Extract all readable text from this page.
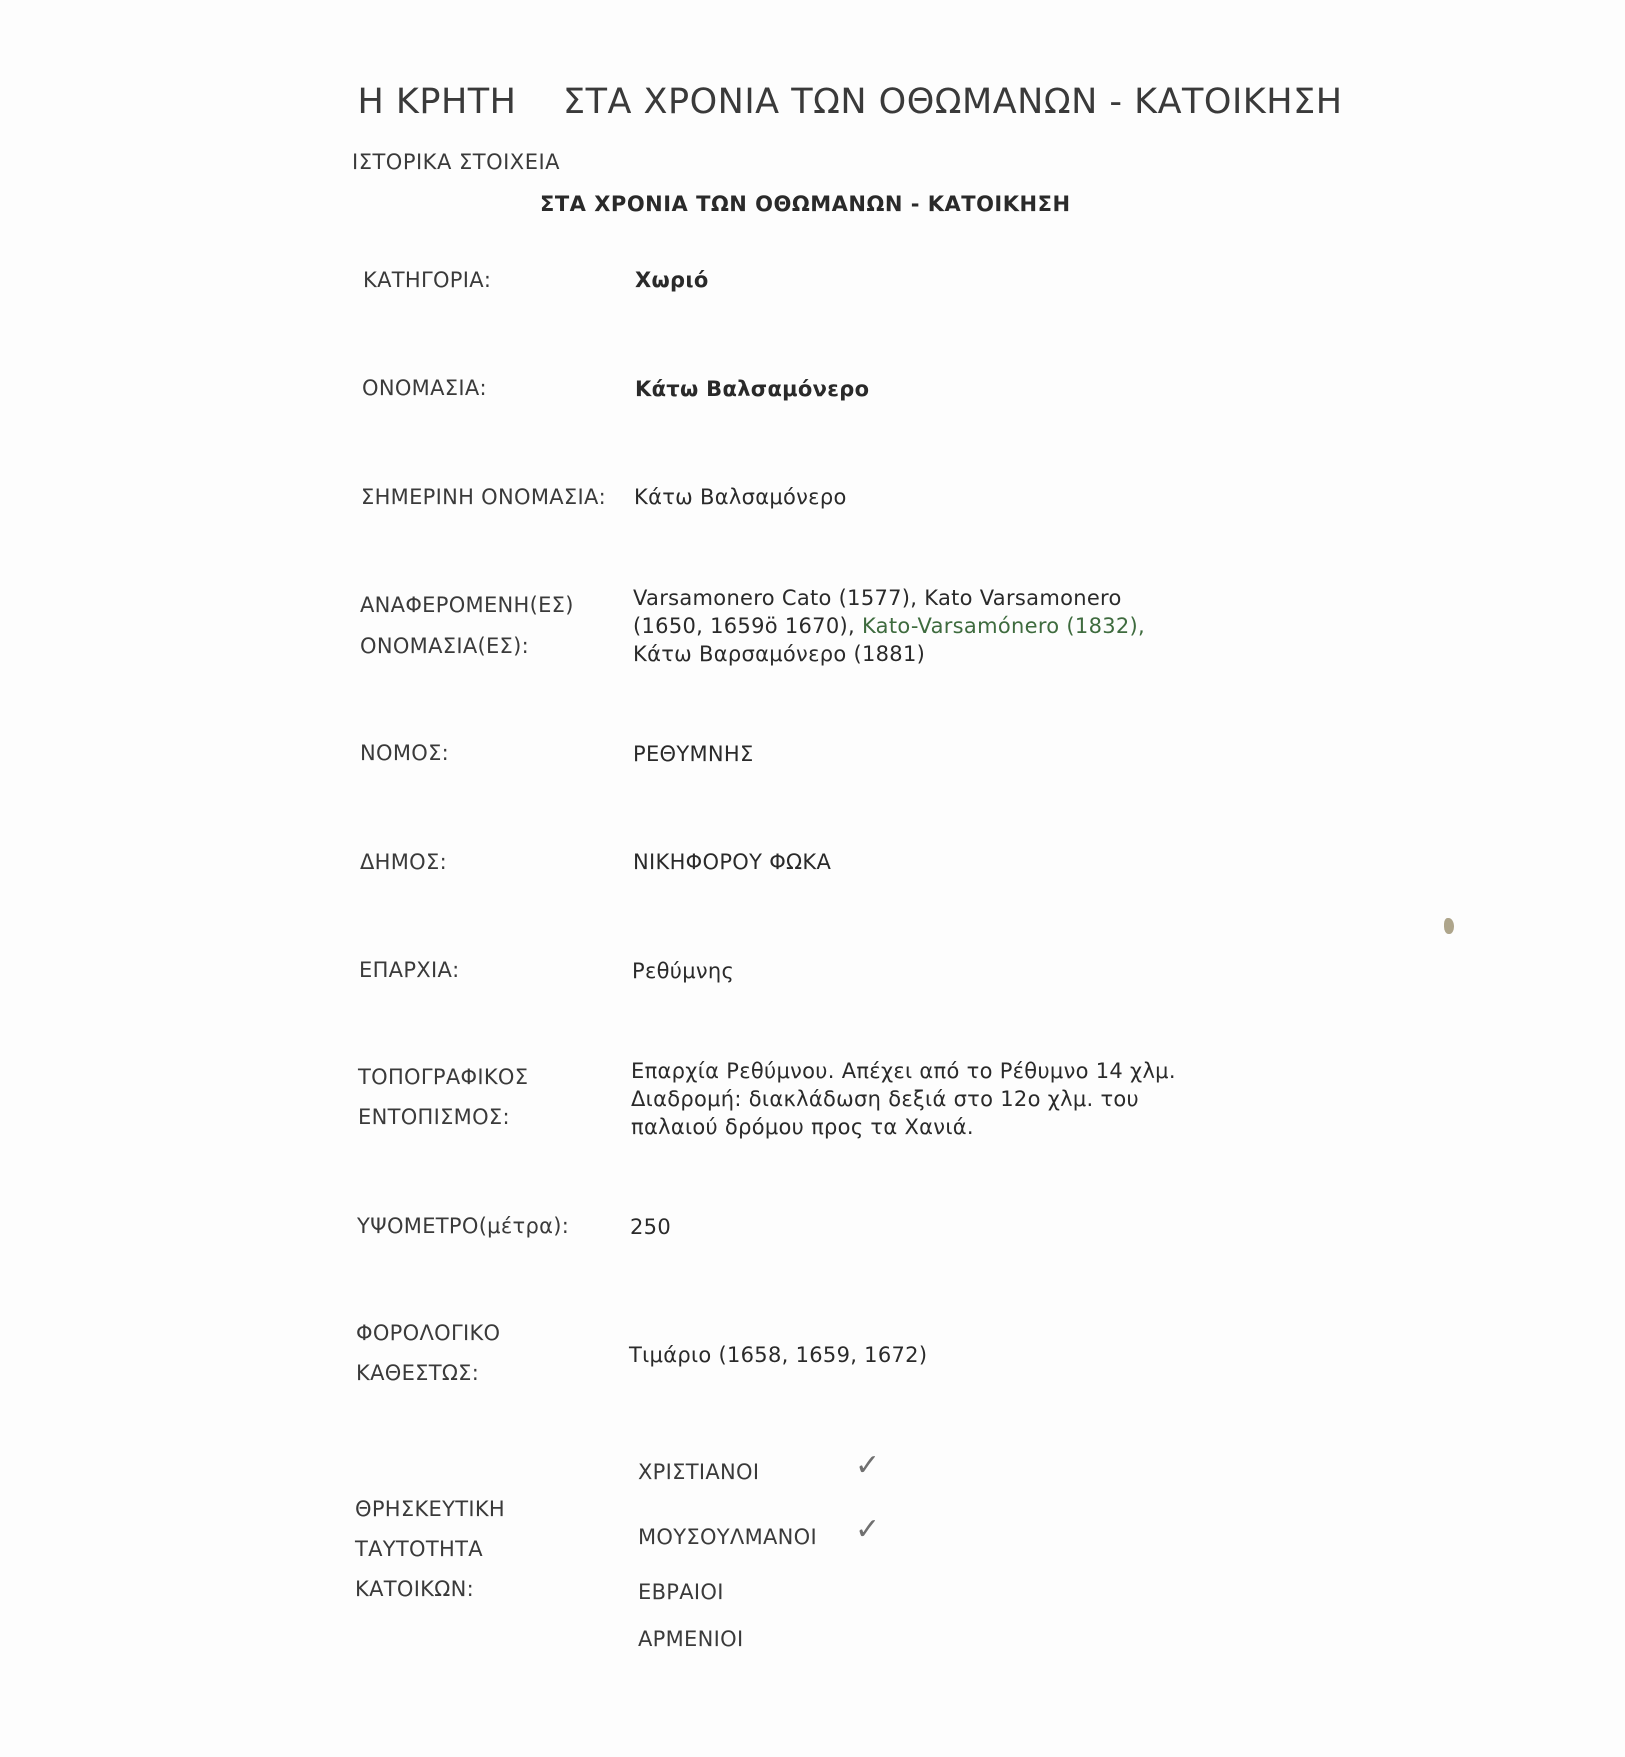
Η ΚΡΗΤΗ    ΣΤΑ ΧΡΟΝΙΑ ΤΩΝ ΟΘΩΜΑΝΩΝ - ΚΑΤΟΙΚΗΣΗ
ΙΣΤΟΡΙΚΑ ΣΤΟΙΧΕΙΑ
ΣΤΑ ΧΡΟΝΙΑ ΤΩΝ ΟΘΩΜΑΝΩΝ - ΚΑΤΟΙΚΗΣΗ
ΚΑΤΗΓΟΡΙΑ:	Χωριό
ΟΝΟΜΑΣΙΑ:	Κάτω Βαλσαμόνερο
ΣΗΜΕΡΙΝΗ ΟΝΟΜΑΣΙΑ: Κάτω Βαλσαμόνερο
ΑΝΑΦΕΡΟΜΕΝΗ(ΕΣ)
ΟΝΟΜΑΣΙΑ(ΕΣ):
Varsamonero Cato (1577), Kato Varsamonero
(1650, 1659ö 1670), Kato-Varsamónero (1832),
Κάτω Βαρσαμόνερο (1881)
ΝΟΜΟΣ:	ΡΕΘΥΜΝΗΣ
ΔΗΜΟΣ:	ΝΙΚΗΦΟΡΟΥ ΦΩΚΑ
ΕΠΑΡΧΙΑ:	Ρεθύμνης
ΤΟΠΟΓΡΑΦΙΚΟΣ
ΕΝΤΟΠΙΣΜΟΣ:
Επαρχία Ρεθύμνου. Απέχει από το Ρέθυμνο 14 χλμ.
Διαδρομή: διακλάδωση δεξιά στο 12ο χλμ. του
παλαιού δρόμου προς τα Χανιά.
ΥΨΟΜΕΤΡΟ(μέτρα):	250
ΦΟΡΟΛΟΓΙΚΟ
ΚΑΘΕΣΤΩΣ:
Τιμάριο (1658, 1659, 1672)
ΘΡΗΣΚΕΥΤΙΚΗ
ΤΑΥΤΟΤΗΤΑ
ΚΑΤΟΙΚΩΝ:
ΧΡΙΣΤΙΑΝΟΙ	✓
ΜΟΥΣΟΥΛΜΑΝΟΙ ✓
ΕΒΡΑΙΟΙ
ΑΡΜΕΝΙΟΙ
